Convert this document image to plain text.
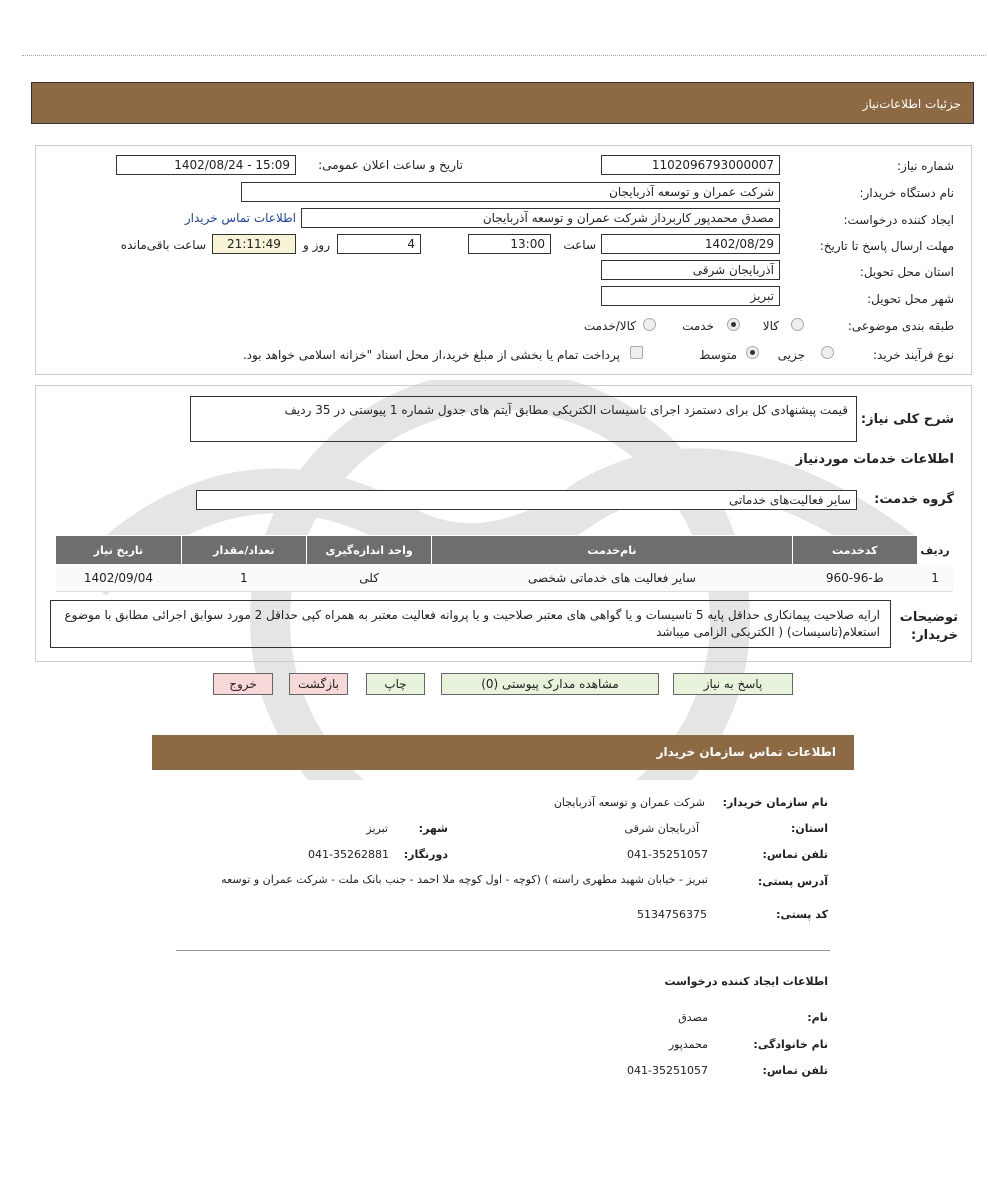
جزئیات اطلاعات‌نیاز
شماره نیاز:
1102096793000007
تاریخ و ساعت اعلان عمومی:
1402/08/24 - 15:09
نام دستگاه خریدار:
شرکت عمران و توسعه آذربایجان
ایجاد کننده درخواست:
مصدق محمدپور کاربرداز شرکت عمران و توسعه آذربایجان
اطلاعات تماس خریدار
مهلت ارسال پاسخ تا تاریخ:
1402/08/29
ساعت
13:00
4
روز و
21:11:49
ساعت باقی‌مانده
استان محل تحویل:
آذربایجان شرقی
شهر محل تحویل:
تبریز
طبقه بندی موضوعی:
کالا
خدمت
کالا/خدمت
نوع فرآیند خرید:
جزیی
متوسط
پرداخت تمام یا بخشی از مبلغ خرید،از محل اسناد "خزانه اسلامی خواهد بود.
شرح کلی نیاز:
قیمت پیشنهادی کل برای دستمزد اجرای تاسیسات الکتریکی مطابق آیتم های جدول شماره 1 پیوستی در 35 ردیف
اطلاعات خدمات موردنیاز
گروه خدمت:
سایر فعالیت‌های خدماتی
ردیف	کدخدمت	نام‌خدمت	واحد اندازه‌گیری	تعداد/مقدار	تاریخ نیاز
1	ط-96-960	سایر فعالیت های خدماتی شخصی	کلی	1	1402/09/04
توضیحات خریدار:
ارایه صلاحیت پیمانکاری حداقل پایه 5 تاسیسات و یا گواهی های معتبر صلاحیت و یا پروانه فعالیت معتبر به همراه کپی حداقل 2 مورد سوابق اجرائی مطابق با موضوع استعلام(تاسیسات) ( الکتریکی الزامی میباشد
پاسخ به نیاز
مشاهده مدارک پیوستی (0)
چاپ
بازگشت
خروج
اطلاعات تماس سازمان خریدار
نام سازمان خریدار:
شرکت عمران و توسعه آذربایجان
استان:
آذربایجان شرقی
شهر:
تبریز
تلفن تماس:
041-35251057
دورنگار:
041-35262881
آدرس پستی:
تبریز - خیابان شهید مطهری راسته ) (کوچه - اول کوچه ملا احمد - جنب بانک ملت - شرکت عمران و توسعه
کد پستی:
5134756375
اطلاعات ایجاد کننده درخواست
نام:
مصدق
نام خانوادگی:
محمدپور
تلفن تماس:
041-35251057
